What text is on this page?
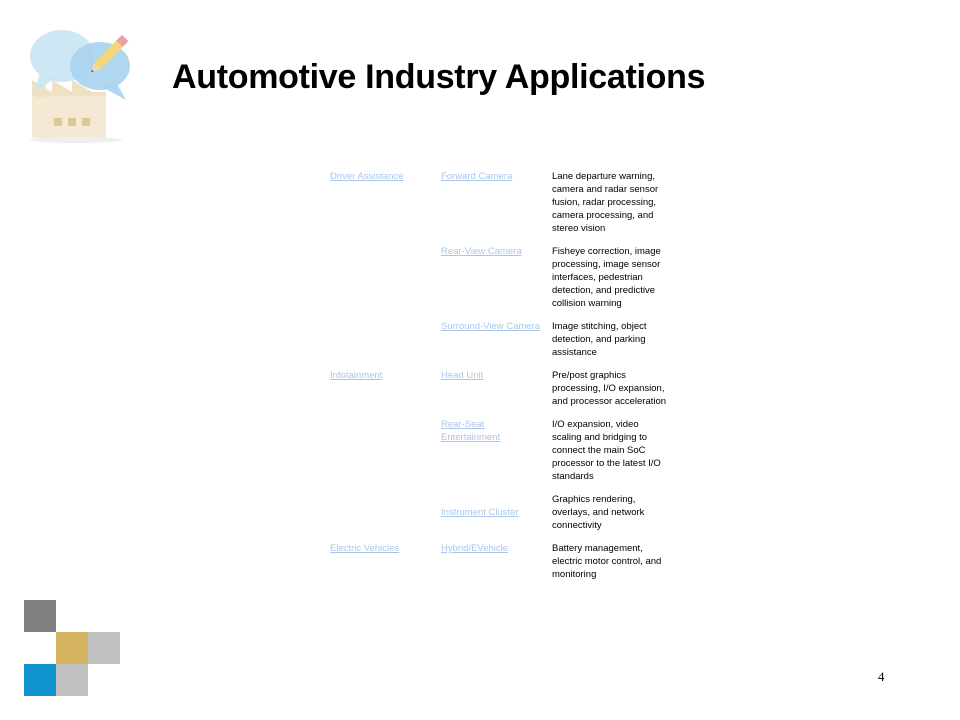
Automotive Industry Applications
Driver Assistance	Forward Camera	Lane departure warning, camera and radar sensor fusion, radar processing, camera processing, and stereo vision
	Rear-View Camera	Fisheye correction, image processing, image sensor interfaces, pedestrian detection, and predictive collision warning
	Surround-View Camera	Image stitching, object detection, and parking assistance
Infotainment	Head Unit	Pre/post graphics processing, I/O expansion, and processor acceleration
	Rear-Seat Entertainment	I/O expansion, video scaling and bridging to connect the main SoC processor to the latest I/O standards
	Instrument Cluster	Graphics rendering, overlays, and network connectivity
Electric Vehicles	Hybrid/EVehicle	Battery management, electric motor control, and monitoring
4
